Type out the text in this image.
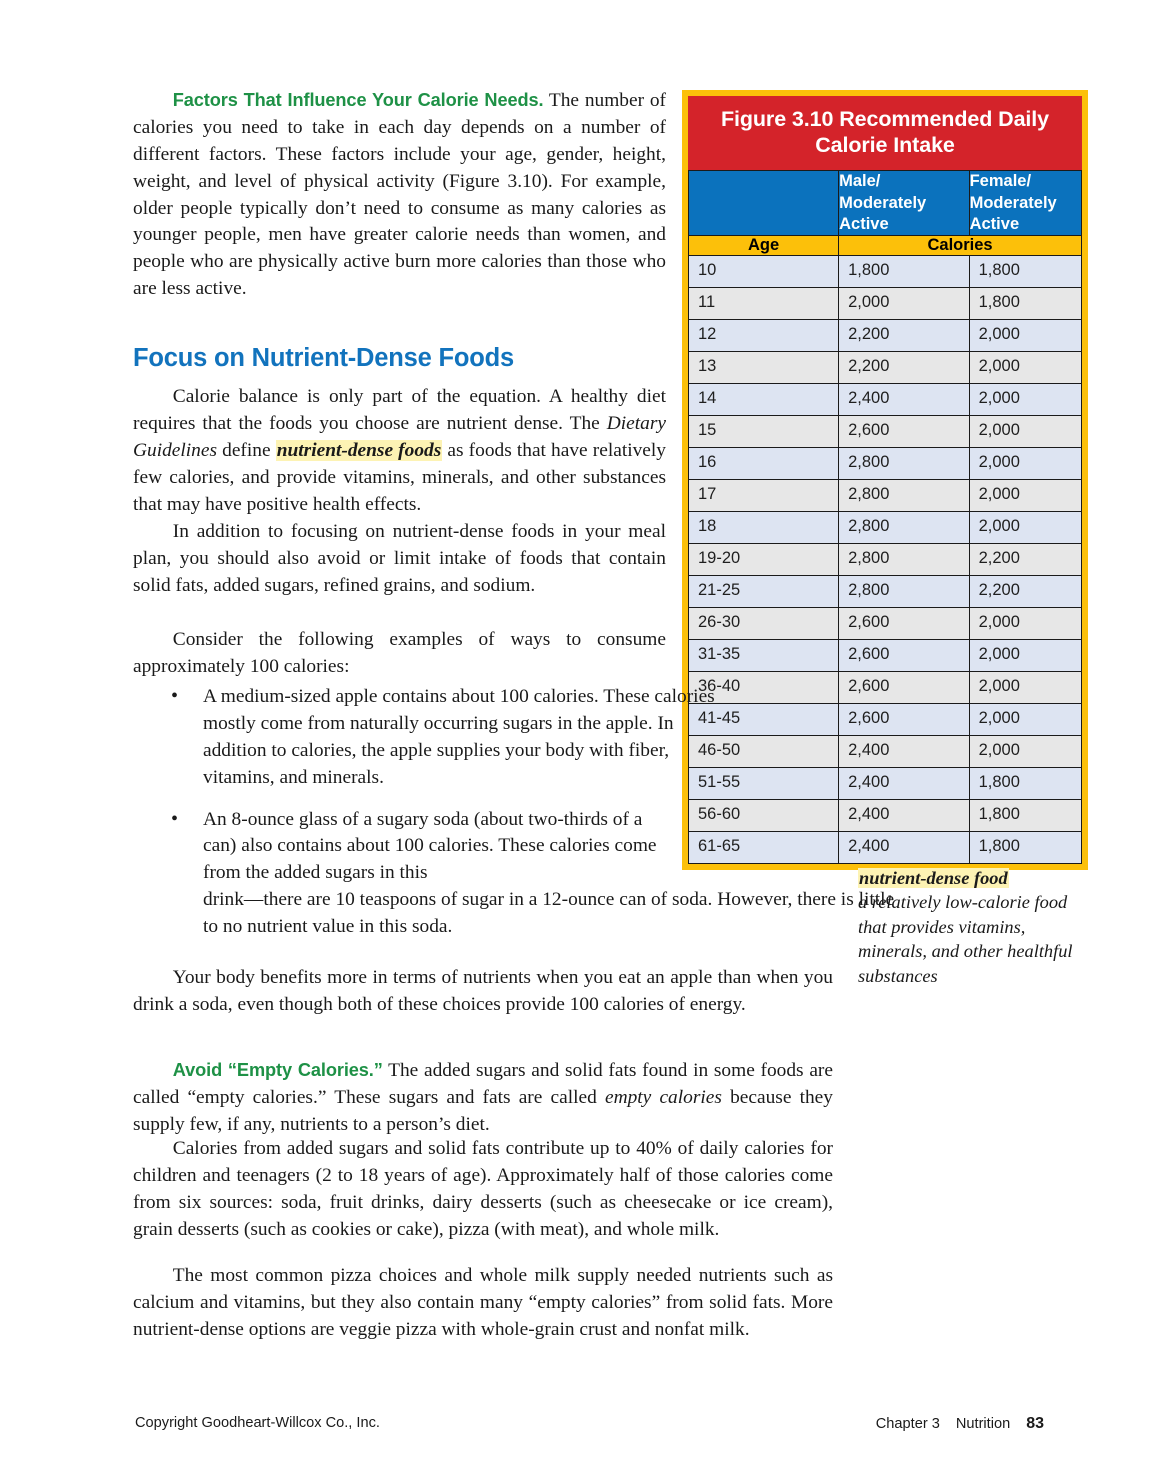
Figure 3.10 Recommended Daily Calorie Intake
	Male/ Moderately Active	Female/ Moderately Active
Age	Calories	
10	1,800	1,800
11	2,000	1,800
12	2,200	2,000
13	2,200	2,000
14	2,400	2,000
15	2,600	2,000
16	2,800	2,000
17	2,800	2,000
18	2,800	2,000
19-20	2,800	2,200
21-25	2,800	2,200
26-30	2,600	2,000
31-35	2,600	2,000
36-40	2,600	2,000
41-45	2,600	2,000
46-50	2,400	2,000
51-55	2,400	1,800
56-60	2,400	1,800
61-65	2,400	1,800

Factors That Influence Your Calorie Needs. The number of calories you need to take in each day depends on a number of different factors. These factors include your age, gender, height, weight, and level of physical activity (Figure 3.10). For example, older people typically don’t need to consume as many calories as younger people, men have greater calorie needs than women, and people who are physically active burn more calories than those who are less active.

Focus on Nutrient-Dense Foods

Calorie balance is only part of the equation. A healthy diet requires that the foods you choose are nutrient dense. The Dietary Guidelines define nutrient-dense foods as foods that have relatively few calories, and provide vitamins, minerals, and other substances that may have positive health effects.

In addition to focusing on nutrient-dense foods in your meal plan, you should also avoid or limit intake of foods that contain solid fats, added sugars, refined grains, and sodium.

Consider the following examples of ways to consume approximately 100 calories:

• A medium-sized apple contains about 100 calories. These calories mostly come from naturally occurring sugars in the apple. In addition to calories, the apple supplies your body with fiber, vitamins, and minerals.
• An 8-ounce glass of a sugary soda (about two-thirds of a can) also contains about 100 calories. These calories come from the added sugars in this
drink—there are 10 teaspoons of sugar in a 12-ounce can of soda. However, there is little to no nutrient value in this soda.

Your body benefits more in terms of nutrients when you eat an apple than when you drink a soda, even though both of these choices provide 100 calories of energy.

Avoid “Empty Calories.” The added sugars and solid fats found in some foods are called “empty calories.” These sugars and fats are called empty calories because they supply few, if any, nutrients to a person’s diet.

Calories from added sugars and solid fats contribute up to 40% of daily calories for children and teenagers (2 to 18 years of age). Approximately half of those calories come from six sources: soda, fruit drinks, dairy desserts (such as cheesecake or ice cream), grain desserts (such as cookies or cake), pizza (with meat), and whole milk.

The most common pizza choices and whole milk supply needed nutrients such as calcium and vitamins, but they also contain many “empty calories” from solid fats. More nutrient-dense options are veggie pizza with whole-grain crust and nonfat milk.

nutrient-dense food
a relatively low-calorie food that provides vitamins, minerals, and other healthful substances
Copyright Goodheart-Willcox Co., Inc.	Chapter 3 Nutrition 83
